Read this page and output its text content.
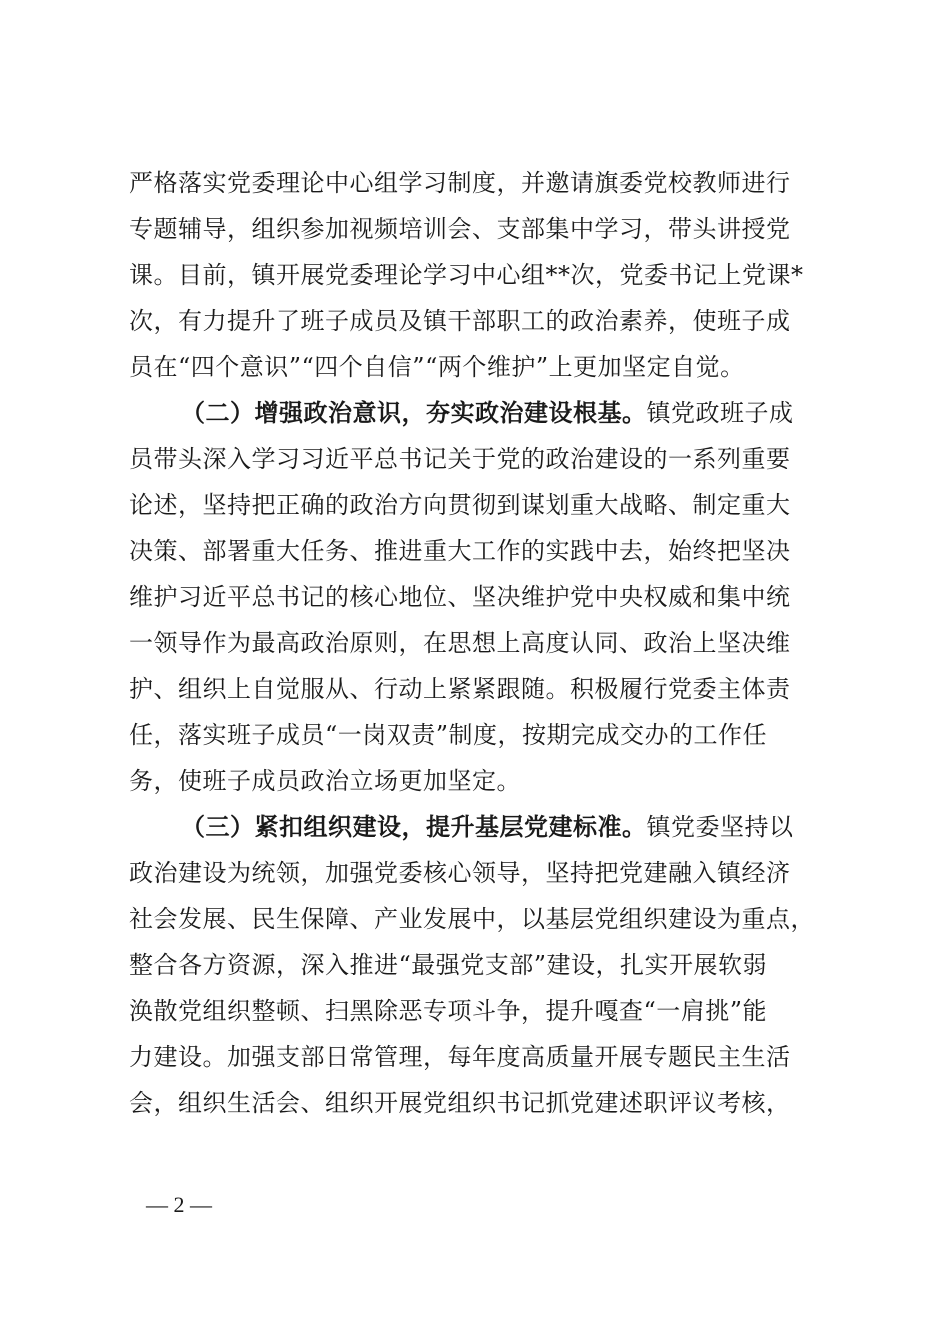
严格落实党委理论中心组学习制度，并邀请旗委党校教师进行
专题辅导，组织参加视频培训会、支部集中学习，带头讲授党
课。目前，镇开展党委理论学习中心组**次，党委书记上党课*
次，有力提升了班子成员及镇干部职工的政治素养，使班子成
员在“四个意识”“四个自信”“两个维护”上更加坚定自觉。
（二）增强政治意识，夯实政治建设根基。镇党政班子成
员带头深入学习习近平总书记关于党的政治建设的一系列重要
论述，坚持把正确的政治方向贯彻到谋划重大战略、制定重大
决策、部署重大任务、推进重大工作的实践中去，始终把坚决
维护习近平总书记的核心地位、坚决维护党中央权威和集中统
一领导作为最高政治原则，在思想上高度认同、政治上坚决维
护、组织上自觉服从、行动上紧紧跟随。积极履行党委主体责
任，落实班子成员“一岗双责”制度，按期完成交办的工作任
务，使班子成员政治立场更加坚定。
（三）紧扣组织建设，提升基层党建标准。镇党委坚持以
政治建设为统领，加强党委核心领导，坚持把党建融入镇经济
社会发展、民生保障、产业发展中，以基层党组织建设为重点，
整合各方资源，深入推进“最强党支部”建设，扎实开展软弱
涣散党组织整顿、扫黑除恶专项斗争，提升嘎查“一肩挑”能
力建设。加强支部日常管理，每年度高质量开展专题民主生活
会，组织生活会、组织开展党组织书记抓党建述职评议考核，
— 2 —
